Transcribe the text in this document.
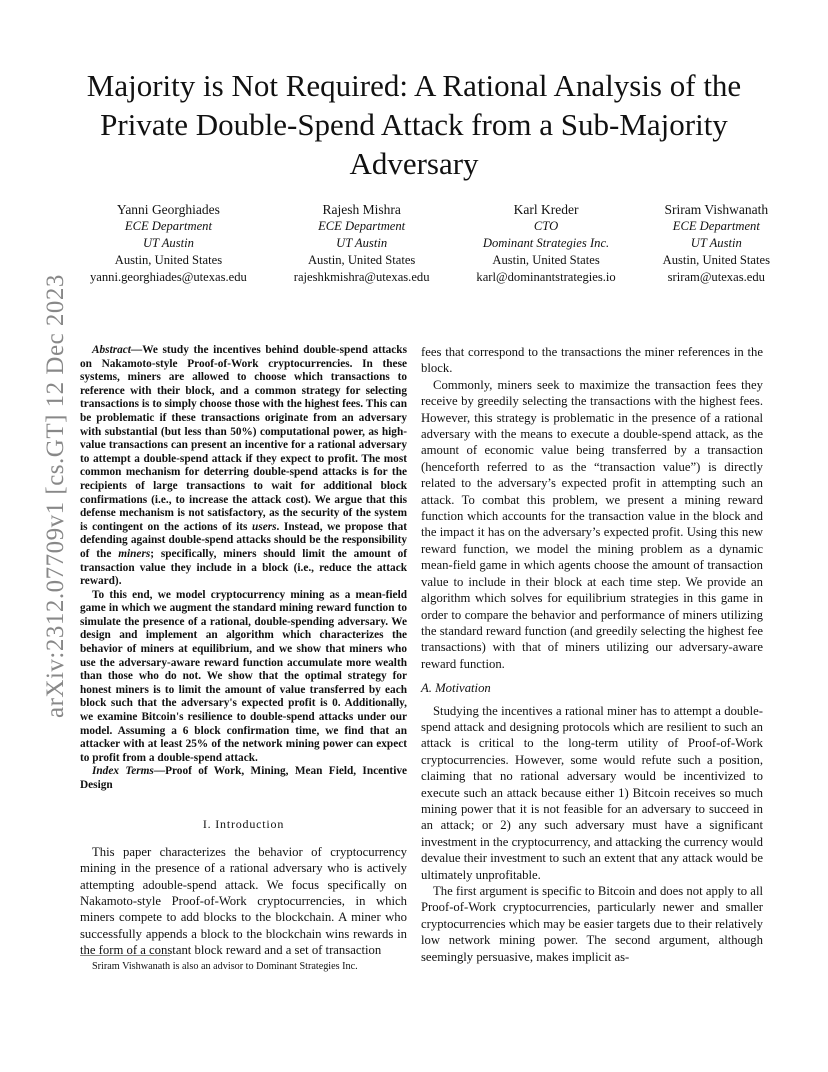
arXiv:2312.07709v1 [cs.GT] 12 Dec 2023
Majority is Not Required: A Rational Analysis of the Private Double-Spend Attack from a Sub-Majority Adversary
Yanni Georghiades
ECE Department
UT Austin
Austin, United States
yanni.georghiades@utexas.edu
Rajesh Mishra
ECE Department
UT Austin
Austin, United States
rajeshkmishra@utexas.edu
Karl Kreder
CTO
Dominant Strategies Inc.
Austin, United States
karl@dominantstrategies.io
Sriram Vishwanath
ECE Department
UT Austin
Austin, United States
sriram@utexas.edu

Abstract—We study the incentives behind double-spend attacks on Nakamoto-style Proof-of-Work cryptocurrencies. In these systems, miners are allowed to choose which transactions to reference with their block, and a common strategy for selecting transactions is to simply choose those with the highest fees. This can be problematic if these transactions originate from an adversary with substantial (but less than 50%) computational power, as high-value transactions can present an incentive for a rational adversary to attempt a double-spend attack if they expect to profit. The most common mechanism for deterring double-spend attacks is for the recipients of large transactions to wait for additional block confirmations (i.e., to increase the attack cost). We argue that this defense mechanism is not satisfactory, as the security of the system is contingent on the actions of its users. Instead, we propose that defending against double-spend attacks should be the responsibility of the miners; specifically, miners should limit the amount of transaction value they include in a block (i.e., reduce the attack reward).

To this end, we model cryptocurrency mining as a mean-field game in which we augment the standard mining reward function to simulate the presence of a rational, double-spending adversary. We design and implement an algorithm which characterizes the behavior of miners at equilibrium, and we show that miners who use the adversary-aware reward function accumulate more wealth than those who do not. We show that the optimal strategy for honest miners is to limit the amount of value transferred by each block such that the adversary's expected profit is 0. Additionally, we examine Bitcoin's resilience to double-spend attacks under our model. Assuming a 6 block confirmation time, we find that an attacker with at least 25% of the network mining power can expect to profit from a double-spend attack.

Index Terms—Proof of Work, Mining, Mean Field, Incentive Design

I. Introduction

This paper characterizes the behavior of cryptocurrency mining in the presence of a rational adversary who is actively attempting adouble-spend attack. We focus specifically on Nakamoto-style Proof-of-Work cryptocurrencies, in which miners compete to add blocks to the blockchain. A miner who successfully appends a block to the blockchain wins rewards in the form of a constant block reward and a set of transaction

fees that correspond to the transactions the miner references in the block.

Commonly, miners seek to maximize the transaction fees they receive by greedily selecting the transactions with the highest fees. However, this strategy is problematic in the presence of a rational adversary with the means to execute a double-spend attack, as the amount of economic value being transferred by a transaction (henceforth referred to as the “transaction value”) is directly related to the adversary’s expected profit in attempting such an attack. To combat this problem, we present a mining reward function which accounts for the transaction value in the block and the impact it has on the adversary’s expected profit. Using this new reward function, we model the mining problem as a dynamic mean-field game in which agents choose the amount of transaction value to include in their block at each time step. We provide an algorithm which solves for equilibrium strategies in this game in order to compare the behavior and performance of miners utilizing the standard reward function (and greedily selecting the highest fee transactions) with that of miners utilizing our adversary-aware reward function.

A. Motivation

Studying the incentives a rational miner has to attempt a double-spend attack and designing protocols which are resilient to such an attack is critical to the long-term utility of Proof-of-Work cryptocurrencies. However, some would refute such a position, claiming that no rational adversary would be incentivized to execute such an attack because either 1) Bitcoin receives so much mining power that it is not feasible for an adversary to succeed in an attack; or 2) any such adversary must have a significant investment in the cryptocurrency, and attacking the currency would devalue their investment to such an extent that any attack would be ultimately unprofitable.

The first argument is specific to Bitcoin and does not apply to all Proof-of-Work cryptocurrencies, particularly newer and smaller cryptocurrencies which may be easier targets due to their relatively low network mining power. The second argument, although seemingly persuasive, makes implicit as-

Sriram Vishwanath is also an advisor to Dominant Strategies Inc.
